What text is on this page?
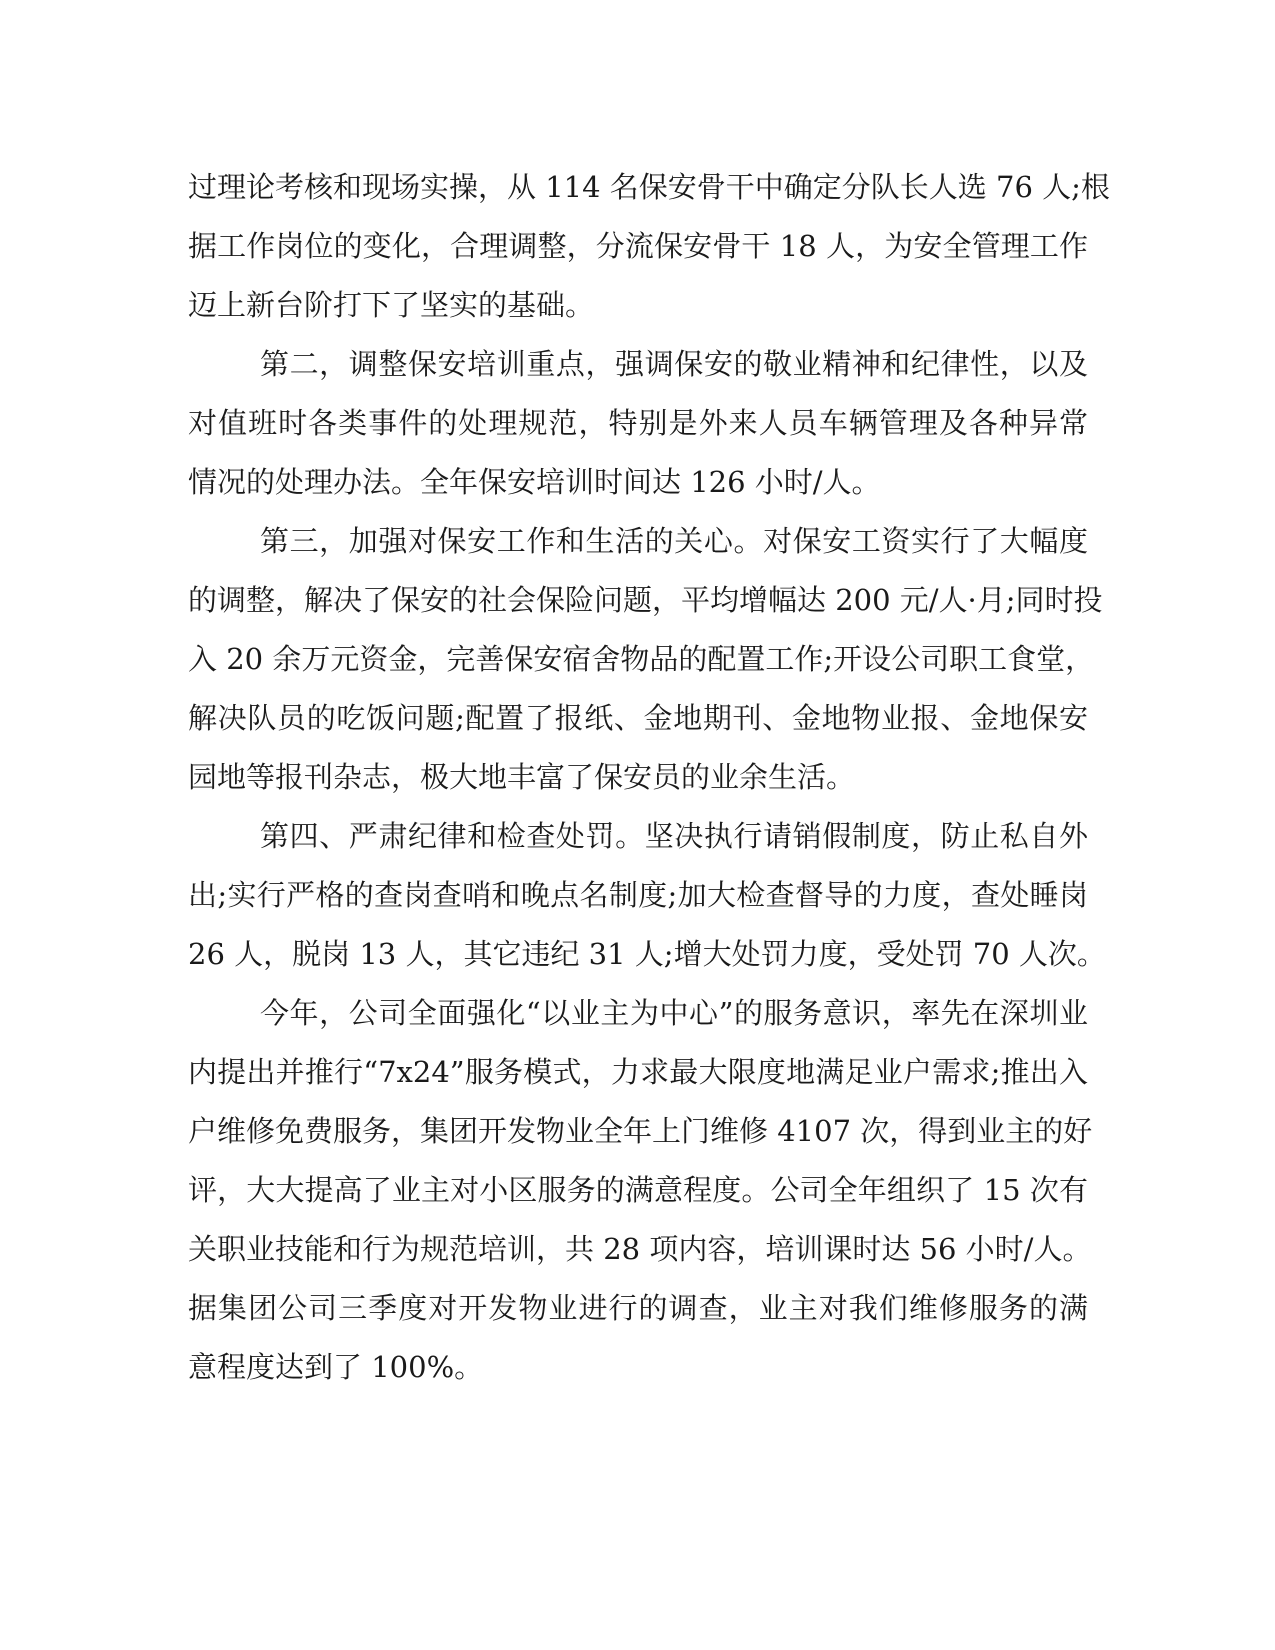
过理论考核和现场实操，从 114 名保安骨干中确定分队长人选 76 人;根
据工作岗位的变化，合理调整，分流保安骨干 18 人，为安全管理工作
迈上新台阶打下了坚实的基础。
第二，调整保安培训重点，强调保安的敬业精神和纪律性，以及
对值班时各类事件的处理规范，特别是外来人员车辆管理及各种异常
情况的处理办法。全年保安培训时间达 126 小时/人。
第三，加强对保安工作和生活的关心。对保安工资实行了大幅度
的调整，解决了保安的社会保险问题，平均增幅达 200 元/人·月;同时投
入 20 余万元资金，完善保安宿舍物品的配置工作;开设公司职工食堂，
解决队员的吃饭问题;配置了报纸、金地期刊、金地物业报、金地保安
园地等报刊杂志，极大地丰富了保安员的业余生活。
第四、严肃纪律和检查处罚。坚决执行请销假制度，防止私自外
出;实行严格的查岗查哨和晚点名制度;加大检查督导的力度，查处睡岗
26 人，脱岗 13 人，其它违纪 31 人;增大处罚力度，受处罚 70 人次。
今年，公司全面强化“以业主为中心”的服务意识，率先在深圳业
内提出并推行“7x24”服务模式，力求最大限度地满足业户需求;推出入
户维修免费服务，集团开发物业全年上门维修 4107 次，得到业主的好
评，大大提高了业主对小区服务的满意程度。公司全年组织了 15 次有
关职业技能和行为规范培训，共 28 项内容，培训课时达 56 小时/人。
据集团公司三季度对开发物业进行的调查，业主对我们维修服务的满
意程度达到了 100%。
